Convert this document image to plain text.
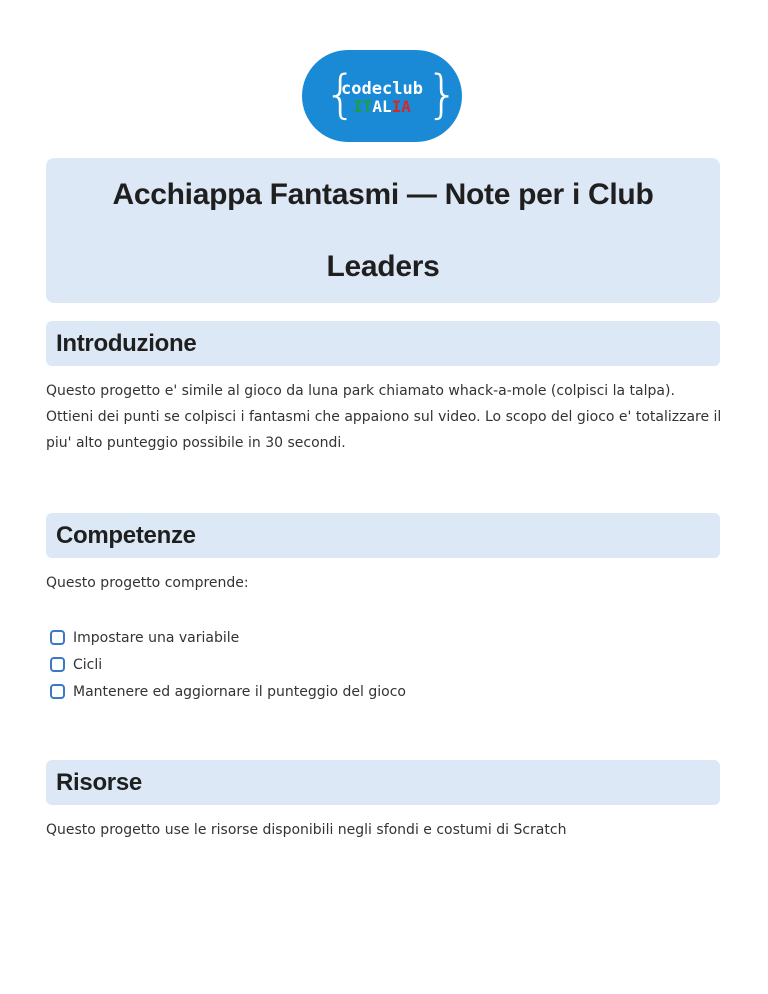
{ }
codeclub
ITALIA
Acchiappa Fantasmi — Note per i Club
Leaders
Introduzione
Questo progetto e' simile al gioco da luna park chiamato whack-a-mole (colpisci la talpa). Ottieni dei punti se colpisci i fantasmi che appaiono sul video. Lo scopo del gioco e' totalizzare il piu' alto punteggio possibile in 30 secondi.
Competenze
Questo progetto comprende:
Impostare una variabile
Cicli
Mantenere ed aggiornare il punteggio del gioco
Risorse
Questo progetto use le risorse disponibili negli sfondi e costumi di Scratch
